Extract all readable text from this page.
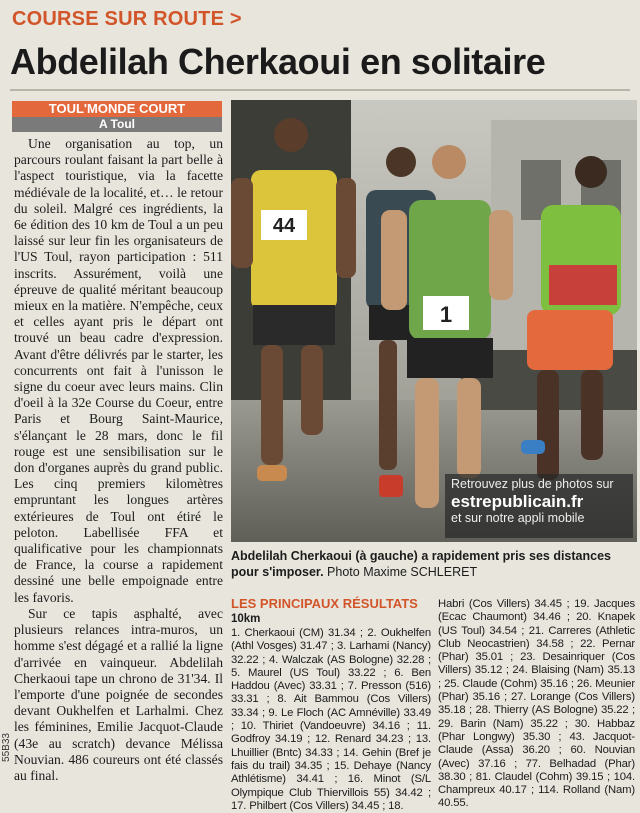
COURSE SUR ROUTE >
Abdelilah Cherkaoui en solitaire
TOUL'MONDE COURT
A Toul

Une organisation au top, un parcours roulant faisant la part belle à l'aspect touristique, via la facette médiévale de la localité, et… le retour du soleil. Malgré ces ingrédients, la 6e édition des 10 km de Toul a un peu laissé sur leur fin les organisateurs de l'US Toul, rayon participation : 511 inscrits. Assurément, voilà une épreuve de qualité méritant beaucoup mieux en la matière. N'empêche, ceux et celles ayant pris le départ ont trouvé un beau cadre d'expression. Avant d'être délivrés par le starter, les concurrents ont fait à l'unisson le signe du coeur avec leurs mains. Clin d'oeil à la 32e Course du Coeur, entre Paris et Bourg Saint-Maurice, s'élançant le 28 mars, donc le fil rouge est une sensibilisation sur le don d'organes auprès du grand public. Les cinq premiers kilomètres empruntant les longues artères extérieures de Toul ont étiré le peloton. Labellisée FFA et qualificative pour les championnats de France, la course a rapidement dessiné une belle empoignade entre les favoris.

Sur ce tapis asphalté, avec plusieurs relances intra-muros, un homme s'est dégagé et a rallié la ligne d'arrivée en vainqueur. Abdelilah Cherkaoui tape un chrono de 31'34. Il l'emporte d'une poignée de secondes devant Oukhelfen et Larhalmi. Chez les féminines, Emilie Jacquot-Claude (43e au scratch) devance Mélissa Nouvian. 486 coureurs ont été classés au final.

55B33
44
1
Retrouvez plus de photos sur
estrepublicain.fr
et sur notre appli mobile
Abdelilah Cherkaoui (à gauche) a rapidement pris ses distances pour s'imposer. Photo Maxime SCHLERET
LES PRINCIPAUX RÉSULTATS
10km
1. Cherkaoui (CM) 31.34 ; 2. Oukhelfen (Athl Vosges) 31.47 ; 3. Larhami (Nancy) 32.22 ; 4. Walczak (AS Bologne) 32.28 ; 5. Maurel (US Toul) 33.22 ; 6. Ben Haddou (Avec) 33.31 ; 7. Presson (516) 33.31 ; 8. Ait Bammou (Cos Villers) 33.34 ; 9. Le Floch (AC Amnéville) 33.49 ; 10. Thiriet (Vandoeuvre) 34.16 ; 11. Godfroy 34.19 ; 12. Renard 34.23 ; 13. Lhuillier (Bntc) 34.33 ; 14. Gehin (Bref je fais du trail) 34.35 ; 15. Dehaye (Nancy Athlétisme) 34.41 ; 16. Minot (S/L Olympique Club Thiervillois 55) 34.42 ; 17. Philbert (Cos Villers) 34.45 ; 18.
Habri (Cos Villers) 34.45 ; 19. Jacques (Ecac Chaumont) 34.46 ; 20. Knapek (US Toul) 34.54 ; 21. Carreres (Athletic Club Neocastrien) 34.58 ; 22. Pernar (Phar) 35.01 ; 23. Desainriquer (Cos Villers) 35.12 ; 24. Blaising (Nam) 35.13 ; 25. Claude (Cohm) 35.16 ; 26. Meunier (Phar) 35.16 ; 27. Lorange (Cos Villers) 35.18 ; 28. Thierry (AS Bologne) 35.22 ; 29. Barin (Nam) 35.22 ; 30. Habbaz (Phar Longwy) 35.30 ; 43. Jacquot-Claude (Assa) 36.20 ; 60. Nouvian (Avec) 37.16 ; 77. Belhadad (Phar) 38.30 ; 81. Claudel (Cohm) 39.15 ; 104. Champreux 40.17 ; 114. Rolland (Nam) 40.55.
